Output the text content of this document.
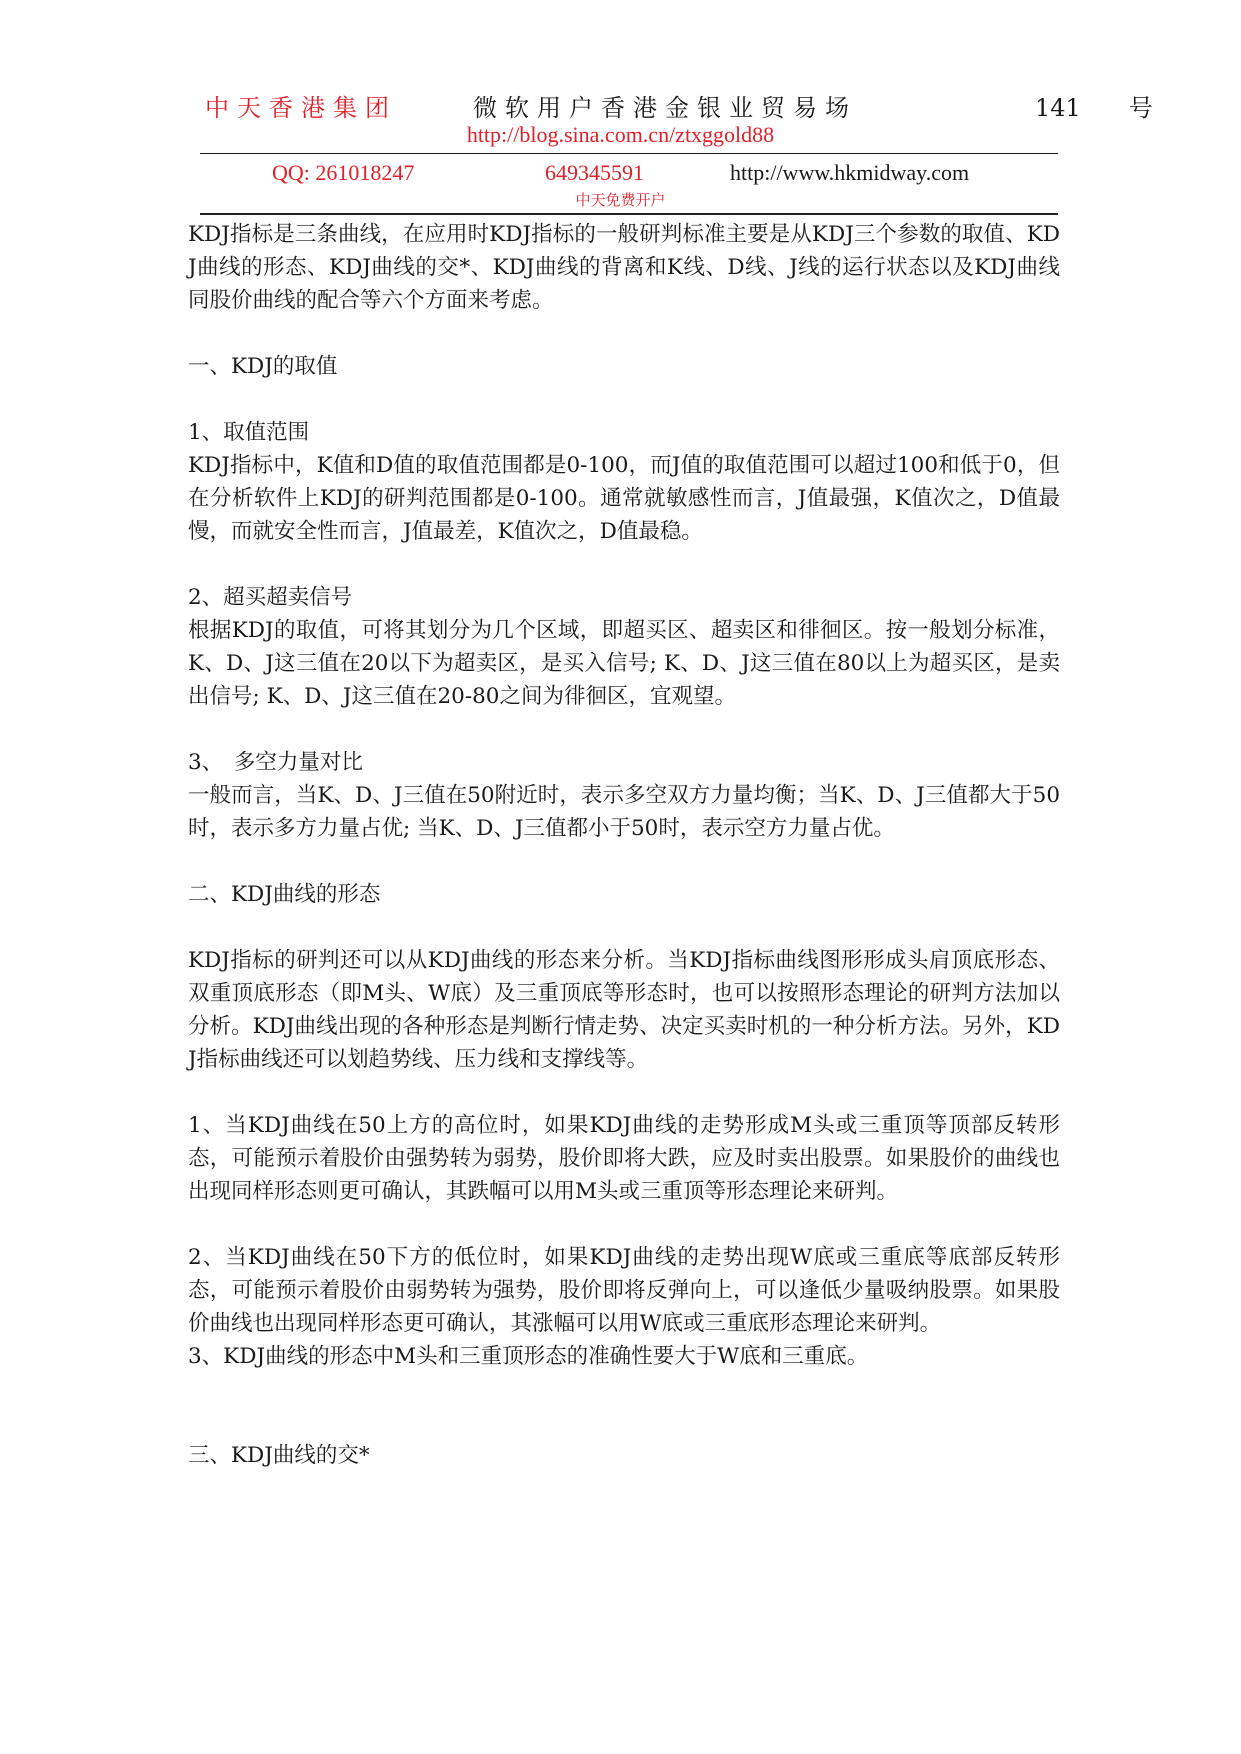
中天香港集团	微软用户香港金银业贸易场	141　　号
http://blog.sina.com.cn/ztxggold88
QQ: 261018247	649345591	http://www.hkmidway.com
中天免费开户

KDJ指标是三条曲线，在应用时KDJ指标的一般研判标准主要是从KDJ三个参数的取值、KDJ曲线的形态、KDJ曲线的交*、KDJ曲线的背离和K线、D线、J线的运行状态以及KDJ曲线同股价曲线的配合等六个方面来考虑。

一、KDJ的取值

1、取值范围

KDJ指标中，K值和D值的取值范围都是0-100，而J值的取值范围可以超过100和低于0，但在分析软件上KDJ的研判范围都是0-100。通常就敏感性而言，J值最强，K值次之，D值最慢，而就安全性而言，J值最差，K值次之，D值最稳。

2、超买超卖信号

根据KDJ的取值，可将其划分为几个区域，即超买区、超卖区和徘徊区。按一般划分标准，K、D、J这三值在20以下为超卖区，是买入信号; K、D、J这三值在80以上为超买区，是卖出信号; K、D、J这三值在20-80之间为徘徊区，宜观望。

3、　多空力量对比

一般而言，当K、D、J三值在50附近时，表示多空双方力量均衡；当K、D、J三值都大于50时，表示多方力量占优; 当K、D、J三值都小于50时，表示空方力量占优。

二、KDJ曲线的形态

KDJ指标的研判还可以从KDJ曲线的形态来分析。当KDJ指标曲线图形形成头肩顶底形态、双重顶底形态（即M头、W底）及三重顶底等形态时，也可以按照形态理论的研判方法加以分析。KDJ曲线出现的各种形态是判断行情走势、决定买卖时机的一种分析方法。另外，KDJ指标曲线还可以划趋势线、压力线和支撑线等。

1、当KDJ曲线在50上方的高位时，如果KDJ曲线的走势形成M头或三重顶等顶部反转形态，可能预示着股价由强势转为弱势，股价即将大跌，应及时卖出股票。如果股价的曲线也出现同样形态则更可确认，其跌幅可以用M头或三重顶等形态理论来研判。

2、当KDJ曲线在50下方的低位时，如果KDJ曲线的走势出现W底或三重底等底部反转形态，可能预示着股价由弱势转为强势，股价即将反弹向上，可以逢低少量吸纳股票。如果股价曲线也出现同样形态更可确认，其涨幅可以用W底或三重底形态理论来研判。

3、KDJ曲线的形态中M头和三重顶形态的准确性要大于W底和三重底。

三、KDJ曲线的交*
